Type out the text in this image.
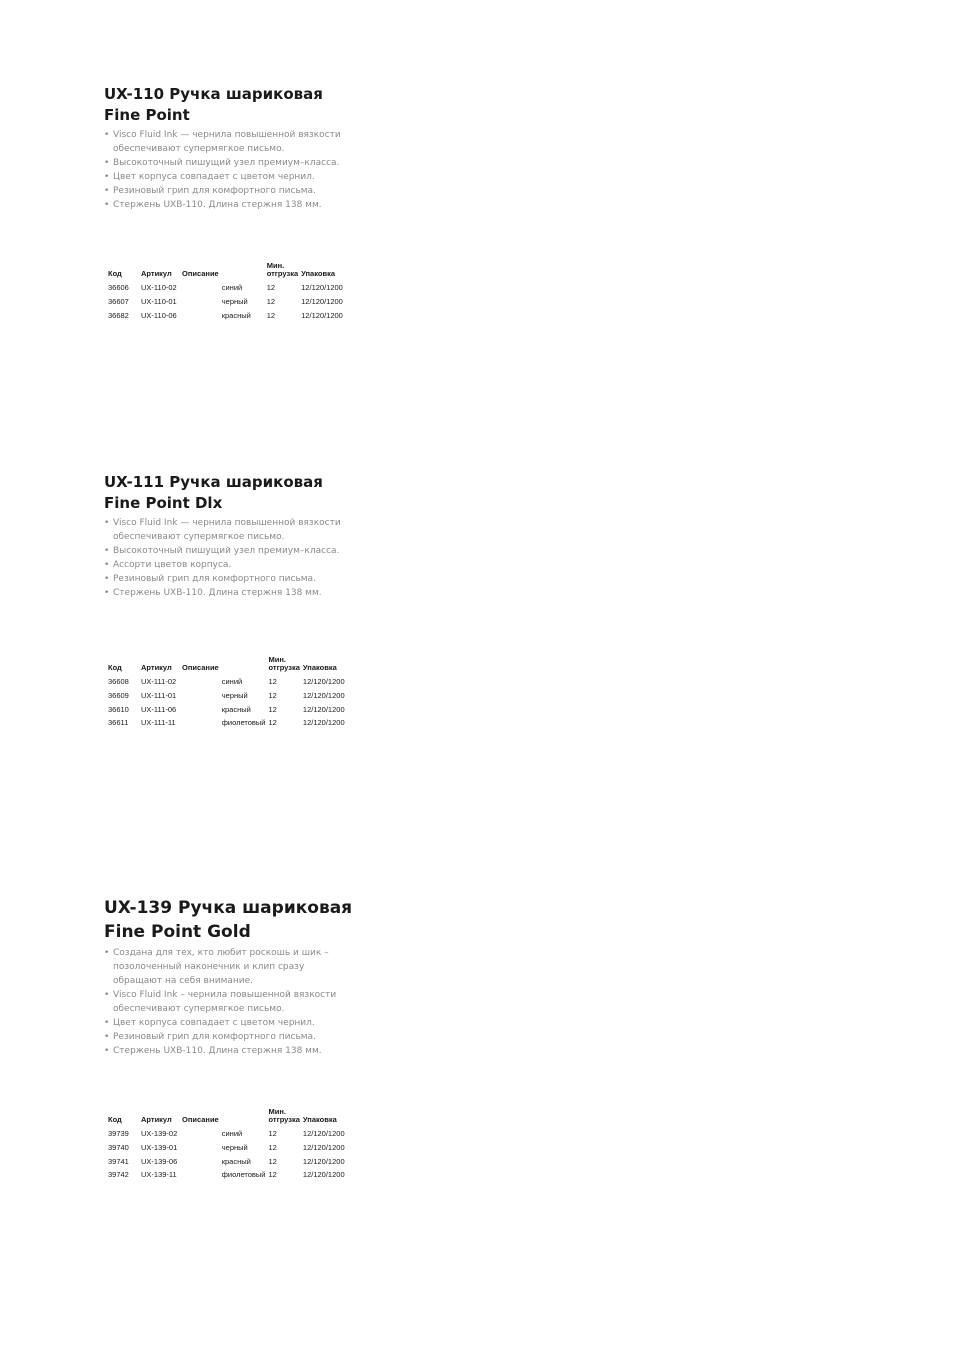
UX-110 Ручка шариковая
Fine Point
• Visco Fluid Ink — чернила повышенной вязкости обеспечивают супермягкое письмо.
• Высокоточный пишущий узел премиум–класса.
• Цвет корпуса совпадает с цветом чернил.
• Резиновый грип для комфортного письма.
• Стержень UXB-110. Длина стержня 138 мм.
Код	Артикул	Описание		Мин.
отгрузка	Упаковка
36606	UX-110-02		синий	12	12/120/1200
36607	UX-110-01		черный	12	12/120/1200
36682	UX-110-06		красный	12	12/120/1200
UX-111 Ручка шариковая
Fine Point Dlx
• Visco Fluid Ink — чернила повышенной вязкости обеспечивают супермягкое письмо.
• Высокоточный пишущий узел премиум–класса.
• Ассорти цветов корпуса.
• Резиновый грип для комфортного письма.
• Стержень UXB-110. Длина стержня 138 мм.
Код	Артикул	Описание		Мин.
отгрузка	Упаковка
36608	UX-111-02		синий	12	12/120/1200
36609	UX-111-01		черный	12	12/120/1200
36610	UX-111-06		красный	12	12/120/1200
36611	UX-111-11		фиолетовый	12	12/120/1200
UX-139 Ручка шариковая
Fine Point Gold
• Создана для тех, кто любит роскошь и шик – позолоченный наконечник и клип сразу обращают на себя внимание.
• Visco Fluid Ink – чернила повышенной вязкости обеспечивают супермягкое письмо.
• Цвет корпуса совпадает с цветом чернил.
• Резиновый грип для комфортного письма.
• Стержень UXB-110. Длина стержня 138 мм.
Код	Артикул	Описание		Мин.
отгрузка	Упаковка
39739	UX-139-02		синий	12	12/120/1200
39740	UX-139-01		черный	12	12/120/1200
39741	UX-139-06		красный	12	12/120/1200
39742	UX-139-11		фиолетовый	12	12/120/1200
